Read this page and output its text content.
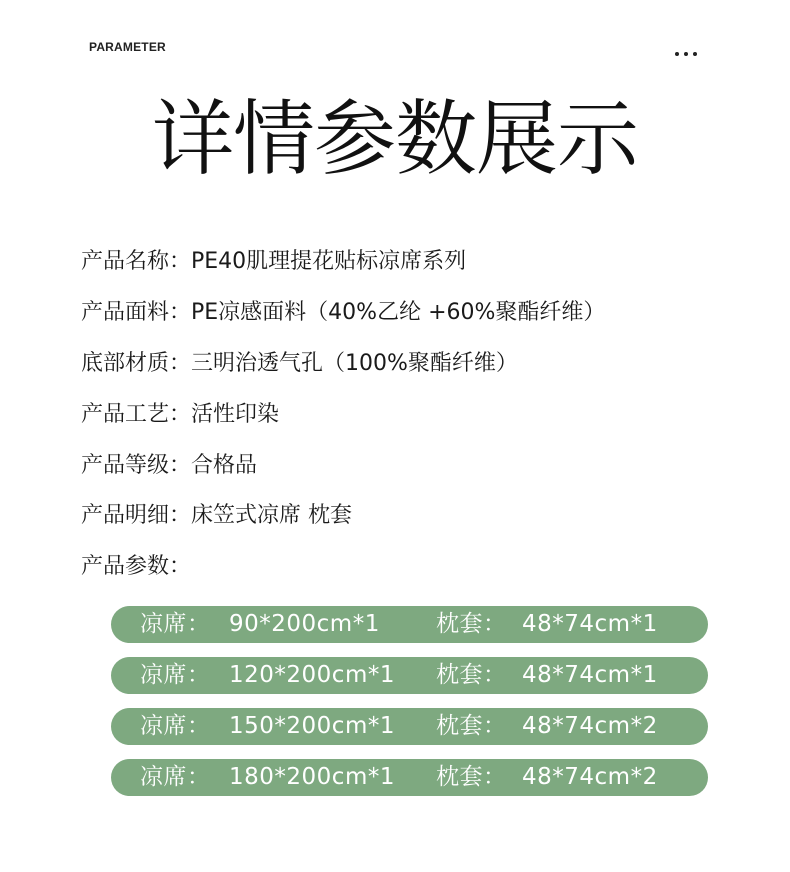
PARAMETER
详情参数展示
产品名称： PE40肌理提花贴标凉席系列
产品面料： PE凉感面料（40%乙纶 +60%聚酯纤维）
底部材质： 三明治透气孔（100%聚酯纤维）
产品工艺： 活性印染
产品等级： 合格品
产品明细： 床笠式凉席 枕套
产品参数：
凉席： 90*200cm*1 枕套： 48*74cm*1
凉席： 120*200cm*1 枕套： 48*74cm*1
凉席： 150*200cm*1 枕套： 48*74cm*2
凉席： 180*200cm*1 枕套： 48*74cm*2
